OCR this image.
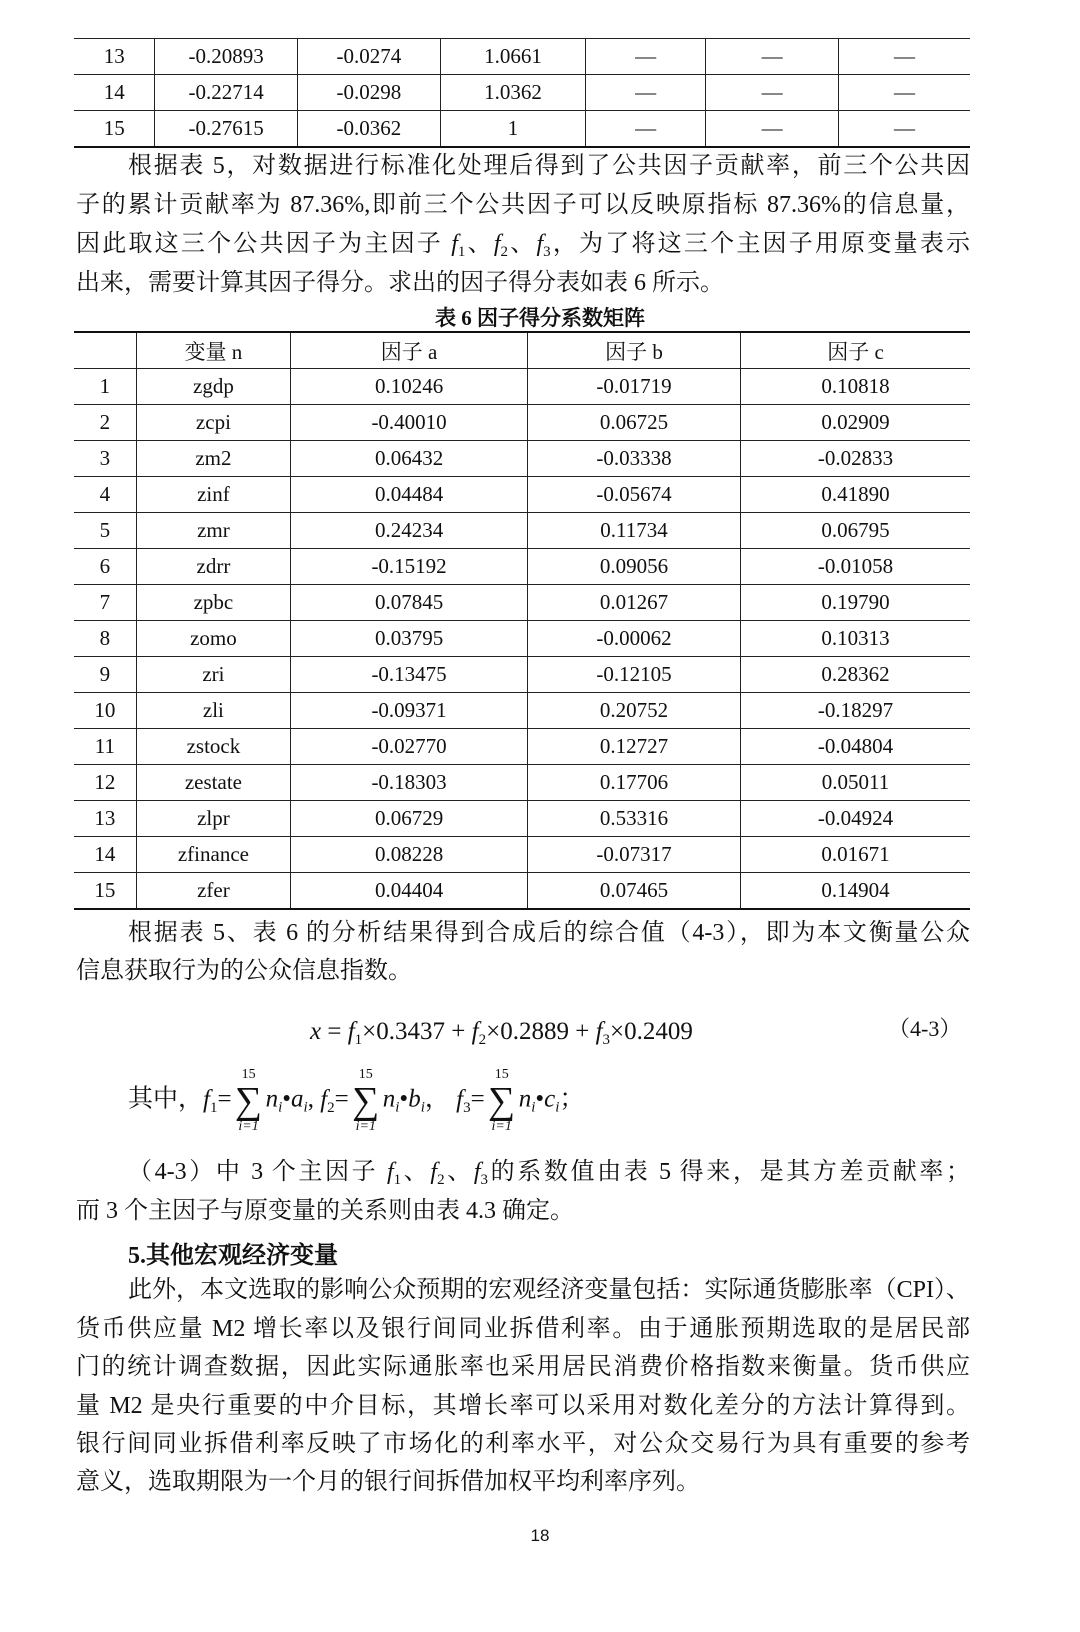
13	-0.20893	-0.0274	1.0661	—	—	—
14	-0.22714	-0.0298	1.0362	—	—	—
15	-0.27615	-0.0362	1	—	—	—
表 6 因子得分系数矩阵
	变量 n	因子 a	因子 b	因子 c
1	zgdp	0.10246	-0.01719	0.10818
2	zcpi	-0.40010	0.06725	0.02909
3	zm2	0.06432	-0.03338	-0.02833
4	zinf	0.04484	-0.05674	0.41890
5	zmr	0.24234	0.11734	0.06795
6	zdrr	-0.15192	0.09056	-0.01058
7	zpbc	0.07845	0.01267	0.19790
8	zomo	0.03795	-0.00062	0.10313
9	zri	-0.13475	-0.12105	0.28362
10	zli	-0.09371	0.20752	-0.18297
11	zstock	-0.02770	0.12727	-0.04804
12	zestate	-0.18303	0.17706	0.05011
13	zlpr	0.06729	0.53316	-0.04924
14	zfinance	0.08228	-0.07317	0.01671
15	zfer	0.04404	0.07465	0.14904
根据表 5，对数据进行标准化处理后得到了公共因子贡献率，前三个公共因
子的累计贡献率为 87.36%,即前三个公共因子可以反映原指标 87.36%的信息量，
因此取这三个公共因子为主因子 $f_1$、$f_2$、$f_3$，为了将这三个主因子用原变量表示
出来，需要计算其因子得分。求出的因子得分表如表 6 所示。
根据表 5、表 6 的分析结果得到合成后的综合值（4-3），即为本文衡量公众
信息获取行为的公众信息指数。
（4-3）中 3 个主因子 $f_1$、$f_2$、$f_3$的系数值由表 5 得来，是其方差贡献率；
而 3 个主因子与原变量的关系则由表 4.3 确定。
此外，本文选取的影响公众预期的宏观经济变量包括：实际通货膨胀率（CPI）、
货币供应量 M2 增长率以及银行间同业拆借利率。由于通胀预期选取的是居民部
门的统计调查数据，因此实际通胀率也采用居民消费价格指数来衡量。货币供应
量 M2 是央行重要的中介目标，其增长率可以采用对数化差分的方法计算得到。
银行间同业拆借利率反映了市场化的利率水平，对公众交易行为具有重要的参考
意义，选取期限为一个月的银行间拆借加权平均利率序列。
5.其他宏观经济变量
$x = f_1\times 0.3437 + f_2\times 0.2889 + f_3\times 0.2409$	（4-3）
其中，$f_1=$
15
∑
i=1
$n_i•a_i$, $f_2=$
15
∑
i=1
$n_i•b_i$， $f_3=$
15
∑
i=1
$n_i•c_i$；
18
